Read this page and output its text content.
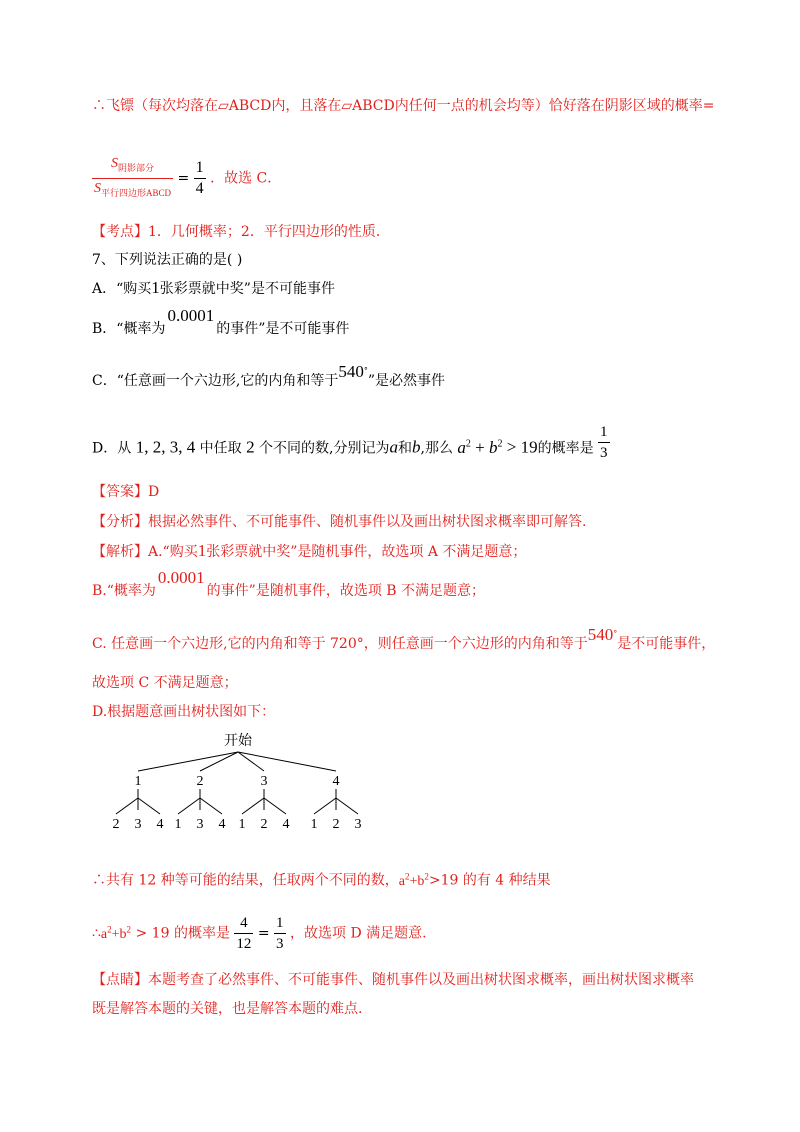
∴飞镖（每次均落在▱ABCD内，且落在▱ABCD内任何一点的机会均等）恰好落在阴影区域的概率=
$\frac{S_{阴影部分}}{S_{平行四边形ABCD}} = \frac{1}{4}$ ．故选 C．
【考点】1．几何概率；2．平行四边形的性质．
7、下列说法正确的是( )
A．“购买1张彩票就中奖”是不可能事件
B．“概率为0.0001的事件”是不可能事件
C．“任意画一个六边形,它的内角和等于540°”是必然事件
D．从 1, 2, 3, 4 中任取 2 个不同的数,分别记为a和b,那么 $a^2 + b^2 > 19$的概率是 $\frac{1}{3}$
【答案】D
【分析】根据必然事件、不可能事件、随机事件以及画出树状图求概率即可解答.
【解析】A.“购买1张彩票就中奖”是随机事件，故选项 A 不满足题意；
B.“概率为0.0001的事件”是随机事件，故选项 B 不满足题意；
C. 任意画一个六边形,它的内角和等于 720°，则任意画一个六边形的内角和等于540°是不可能事件，
故选项 C 不满足题意；
D.根据题意画出树状图如下：
开始
1
2 3 4
2
1 3 4
3
1 2 4
4
1 2 3
∴共有 12 种等可能的结果，任取两个不同的数，$a^2+b^2>19$ 的有 4 种结果
$\therefore a^2+b^2 > 19$ 的概率是 $\frac{4}{12} = \frac{1}{3}$ ，故选项 D 满足题意.
【点睛】本题考查了必然事件、不可能事件、随机事件以及画出树状图求概率，画出树状图求概率
既是解答本题的关键，也是解答本题的难点.
